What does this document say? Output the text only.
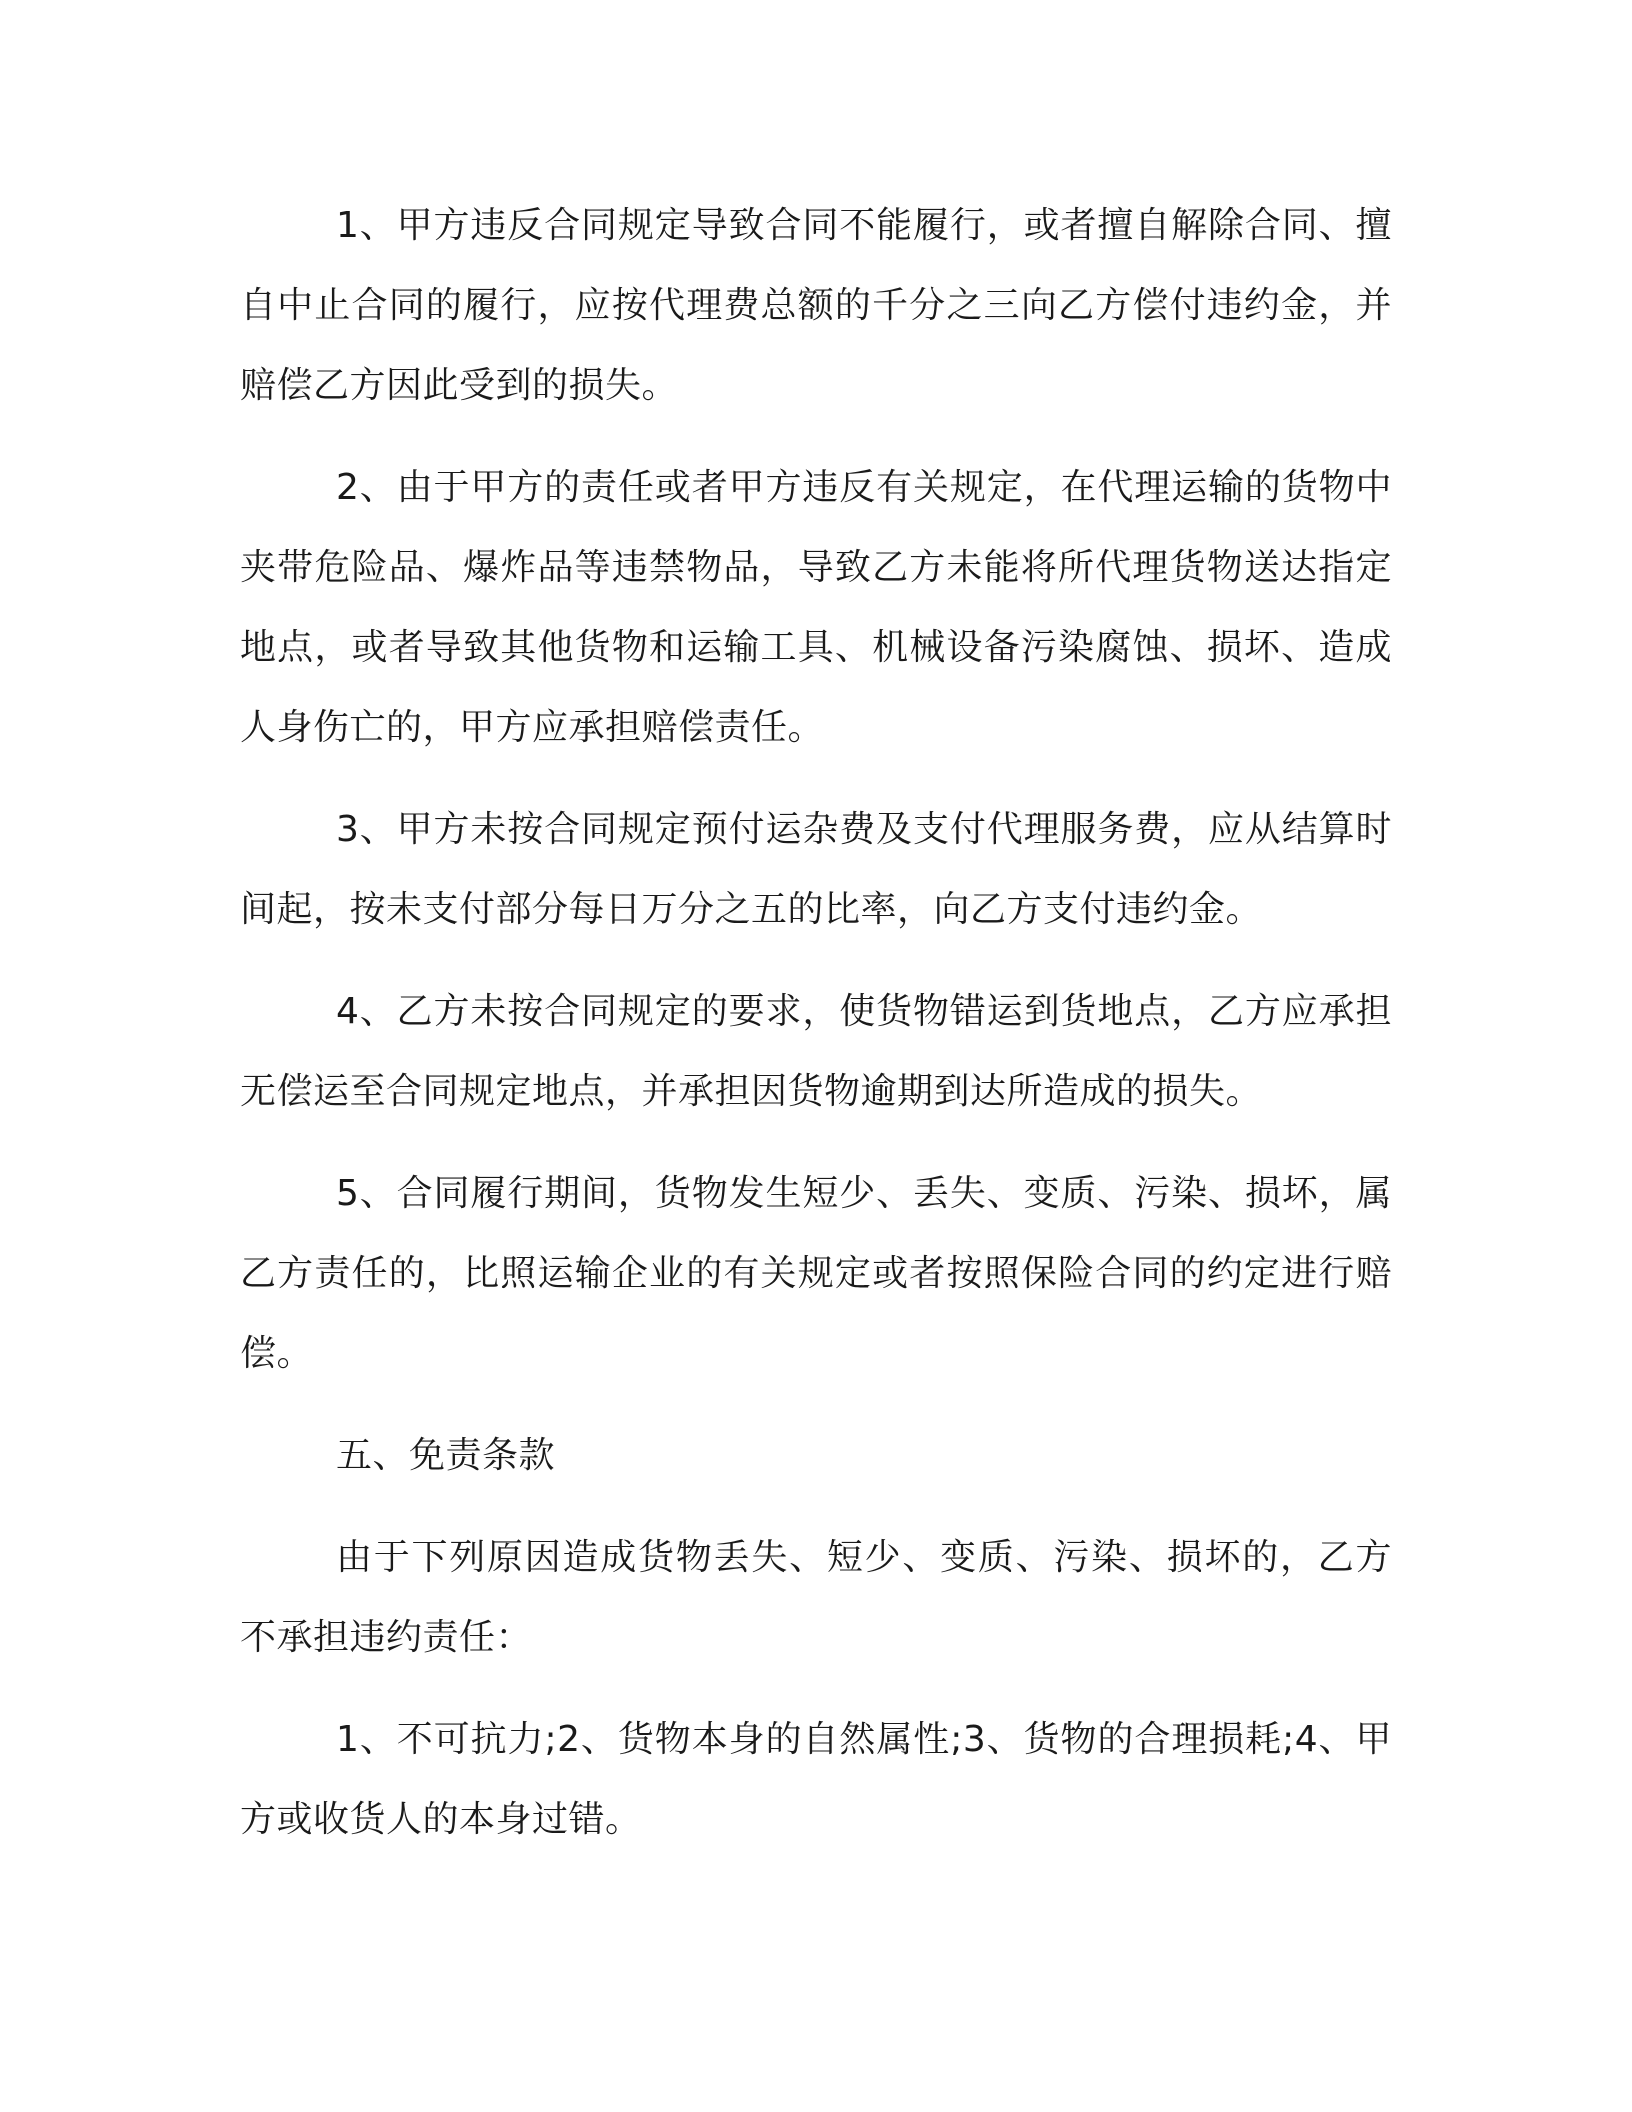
1、甲方违反合同规定导致合同不能履行，或者擅自解除合同、擅自中止合同的履行，应按代理费总额的千分之三向乙方偿付违约金，并赔偿乙方因此受到的损失。

2、由于甲方的责任或者甲方违反有关规定，在代理运输的货物中夹带危险品、爆炸品等违禁物品，导致乙方未能将所代理货物送达指定地点，或者导致其他货物和运输工具、机械设备污染腐蚀、损坏、造成人身伤亡的，甲方应承担赔偿责任。

3、甲方未按合同规定预付运杂费及支付代理服务费，应从结算时间起，按未支付部分每日万分之五的比率，向乙方支付违约金。

4、乙方未按合同规定的要求，使货物错运到货地点，乙方应承担无偿运至合同规定地点，并承担因货物逾期到达所造成的损失。

5、合同履行期间，货物发生短少、丢失、变质、污染、损坏，属乙方责任的，比照运输企业的有关规定或者按照保险合同的约定进行赔偿。

五、免责条款

由于下列原因造成货物丢失、短少、变质、污染、损坏的，乙方不承担违约责任：

1、不可抗力;2、货物本身的自然属性;3、货物的合理损耗;4、甲方或收货人的本身过错。
